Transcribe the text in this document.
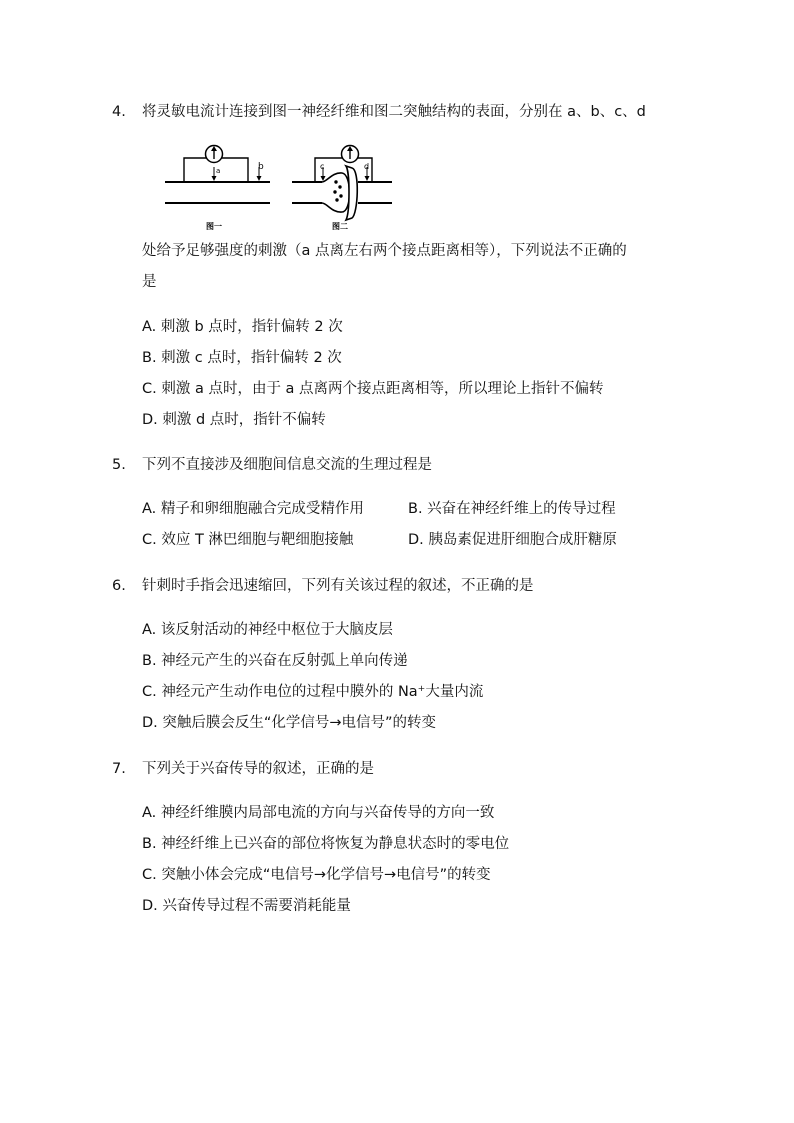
4. 将灵敏电流计连接到图一神经纤维和图二突触结构的表面，分别在 a、b、c、d
a	b
图一
c	d
图二
处给予足够强度的刺激（a 点离左右两个接点距离相等），下列说法不正确的
是
A. 刺激 b 点时，指针偏转 2 次
B. 刺激 c 点时，指针偏转 2 次
C. 刺激 a 点时，由于 a 点离两个接点距离相等，所以理论上指针不偏转
D. 刺激 d 点时，指针不偏转
5. 下列不直接涉及细胞间信息交流的生理过程是
A. 精子和卵细胞融合完成受精作用	B. 兴奋在神经纤维上的传导过程
C. 效应 T 淋巴细胞与靶细胞接触	D. 胰岛素促进肝细胞合成肝糖原
6. 针刺时手指会迅速缩回，下列有关该过程的叙述，不正确的是
A. 该反射活动的神经中枢位于大脑皮层
B. 神经元产生的兴奋在反射弧上单向传递
C. 神经元产生动作电位的过程中膜外的 Na⁺大量内流
D. 突触后膜会反生“化学信号→电信号”的转变
7. 下列关于兴奋传导的叙述，正确的是
A. 神经纤维膜内局部电流的方向与兴奋传导的方向一致
B. 神经纤维上已兴奋的部位将恢复为静息状态时的零电位
C. 突触小体会完成“电信号→化学信号→电信号”的转变
D. 兴奋传导过程不需要消耗能量
